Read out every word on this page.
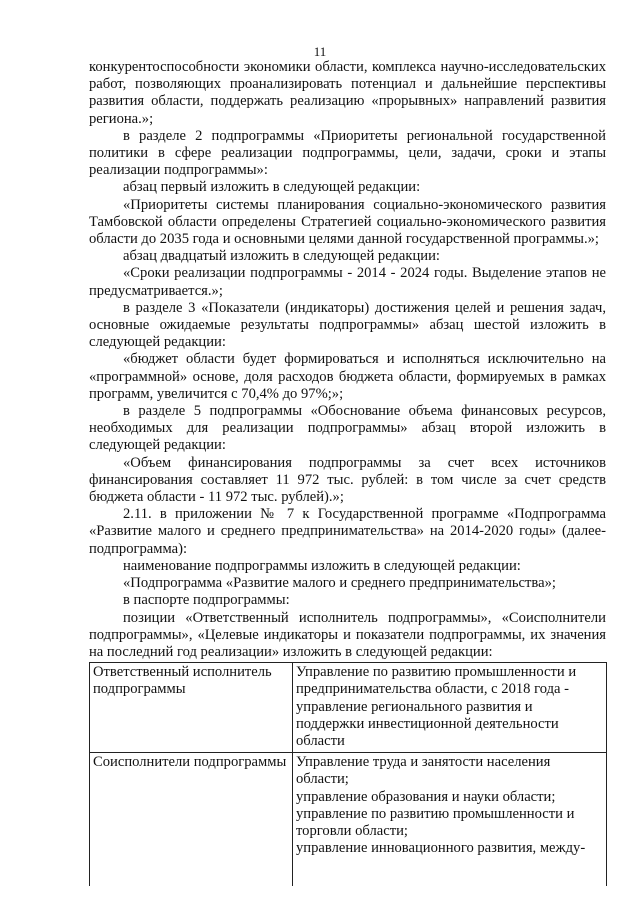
11

конкурентоспособности экономики области, комплекса научно-исследовательских работ, позволяющих проанализировать потенциал и дальнейшие перспективы развития области, поддержать реализацию «прорывных» направлений развития региона.»;

в разделе 2 подпрограммы «Приоритеты региональной государственной политики в сфере реализации подпрограммы, цели, задачи, сроки и этапы реализации подпрограммы»:

абзац первый изложить в следующей редакции:

«Приоритеты системы планирования социально-экономического развития Тамбовской области определены Стратегией социально-экономического развития области до 2035 года и основными целями данной государственной программы.»;

абзац двадцатый изложить в следующей редакции:

«Сроки реализации подпрограммы - 2014 - 2024 годы. Выделение этапов не предусматривается.»;

в разделе 3 «Показатели (индикаторы) достижения целей и решения задач, основные ожидаемые результаты подпрограммы» абзац шестой изложить в следующей редакции:

«бюджет области будет формироваться и исполняться исключительно на «программной» основе, доля расходов бюджета области, формируемых в рамках программ, увеличится с 70,4% до 97%;»;

в разделе 5 подпрограммы «Обоснование объема финансовых ресурсов, необходимых для реализации подпрограммы» абзац второй изложить в следующей редакции:

«Объем финансирования подпрограммы за счет всех источников финансирования составляет 11 972 тыс. рублей: в том числе за счет средств бюджета области - 11 972 тыс. рублей).»;

2.11. в приложении № 7 к Государственной программе «Подпрограмма «Развитие малого и среднего предпринимательства» на 2014-2020 годы» (далее-подпрограмма):

наименование подпрограммы изложить в следующей редакции:

«Подпрограмма «Развитие малого и среднего предпринимательства»;

в паспорте подпрограммы:

позиции «Ответственный исполнитель подпрограммы», «Соисполнители подпрограммы», «Целевые индикаторы и показатели подпрограммы, их значения на последний год реализации» изложить в следующей редакции:

Ответственный исполнитель подпрограммы	Управление по развитию промышленности и предпринимательства области, с 2018 года - управление регионального развития и поддержки инвестиционной деятельности области

Соисполнители подпрограммы	Управление труда и занятости населения области;
управление образования и науки области;
управление по развитию промышленности и торговли области;
управление инновационного развития, между-
